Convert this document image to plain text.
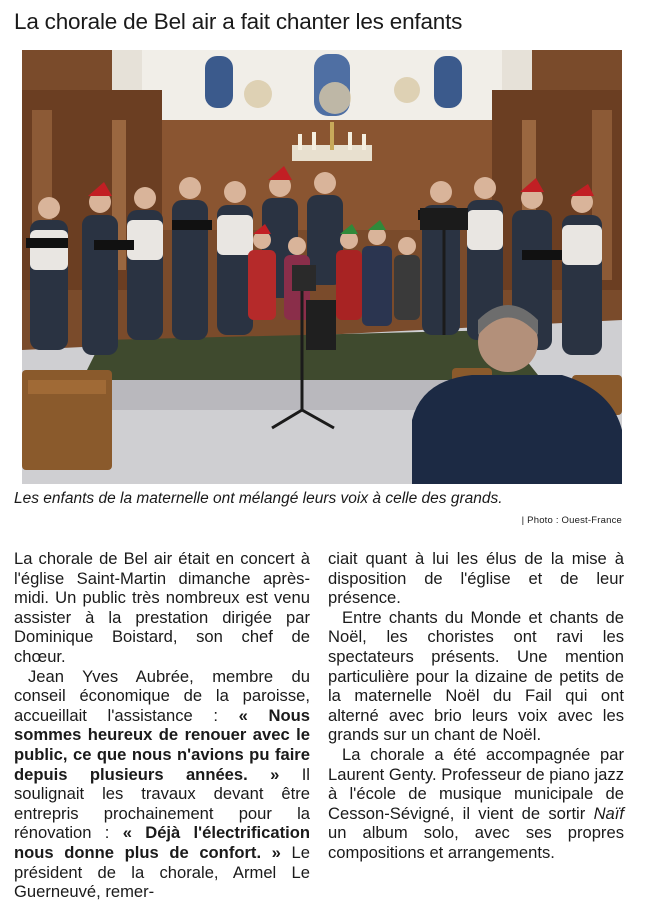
La chorale de Bel air a fait chanter les enfants
Les enfants de la maternelle ont mélangé leurs voix à celle des grands.
| Photo : Ouest-France

La chorale de Bel air était en concert à l'église Saint-Martin dimanche après-midi. Un public très nombreux est venu assister à la prestation dirigée par Dominique Boistard, son chef de chœur.

Jean Yves Aubrée, membre du conseil économique de la paroisse, accueillait l'assistance : « Nous sommes heureux de renouer avec le public, ce que nous n'avions pu faire depuis plusieurs années. » Il soulignait les travaux devant être entrepris prochainement pour la rénovation : « Déjà l'électrification nous donne plus de confort. » Le président de la chorale, Armel Le Guerneuvé, remer-

ciait quant à lui les élus de la mise à disposition de l'église et de leur présence.

Entre chants du Monde et chants de Noël, les choristes ont ravi les spectateurs présents. Une mention particulière pour la dizaine de petits de la maternelle Noël du Fail qui ont alterné avec brio leurs voix avec les grands sur un chant de Noël.

La chorale a été accompagnée par Laurent Genty. Professeur de piano jazz à l'école de musique municipale de Cesson-Sévigné, il vient de sortir Naïf un album solo, avec ses propres compositions et arrangements.
